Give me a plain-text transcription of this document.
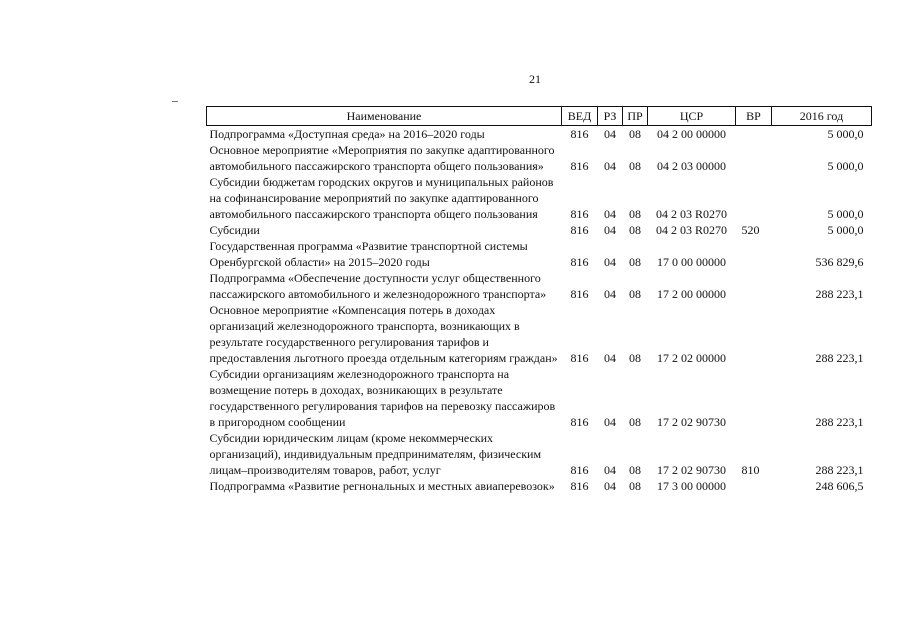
21
Наименование	ВЕД	РЗ	ПР	ЦСР	ВР	2016 год
Подпрограмма «Доступная среда» на 2016–2020 годы	816	04	08	04 2 00 00000		5 000,0
Основное мероприятие «Мероприятия по закупке адаптированного автомобильного пассажирского транспорта общего пользования»	816	04	08	04 2 03 00000		5 000,0
Субсидии бюджетам городских округов и муниципальных районов на софинансирование мероприятий по закупке адаптированного автомобильного пассажирского транспорта общего пользования	816	04	08	04 2 03 R0270		5 000,0
Субсидии	816	04	08	04 2 03 R0270	520	5 000,0
Государственная программа «Развитие транспортной системы Оренбургской области» на 2015–2020 годы	816	04	08	17 0 00 00000		536 829,6
Подпрограмма «Обеспечение доступности услуг общественного пассажирского автомобильного и железнодорожного транспорта»	816	04	08	17 2 00 00000		288 223,1
Основное мероприятие «Компенсация потерь в доходах организаций железнодорожного транспорта, возникающих в результате государственного регулирования тарифов и предоставления льготного проезда отдельным категориям граждан»	816	04	08	17 2 02 00000		288 223,1
Субсидии организациям железнодорожного транспорта на возмещение потерь в доходах, возникающих в результате государственного регулирования тарифов на перевозку пассажиров в пригородном сообщении	816	04	08	17 2 02 90730		288 223,1
Субсидии юридическим лицам (кроме некоммерческих организаций), индивидуальным предпринимателям, физическим лицам–производителям товаров, работ, услуг	816	04	08	17 2 02 90730	810	288 223,1
Подпрограмма «Развитие регнональных и местных авиаперевозок»	816	04	08	17 3 00 00000		248 606,5
